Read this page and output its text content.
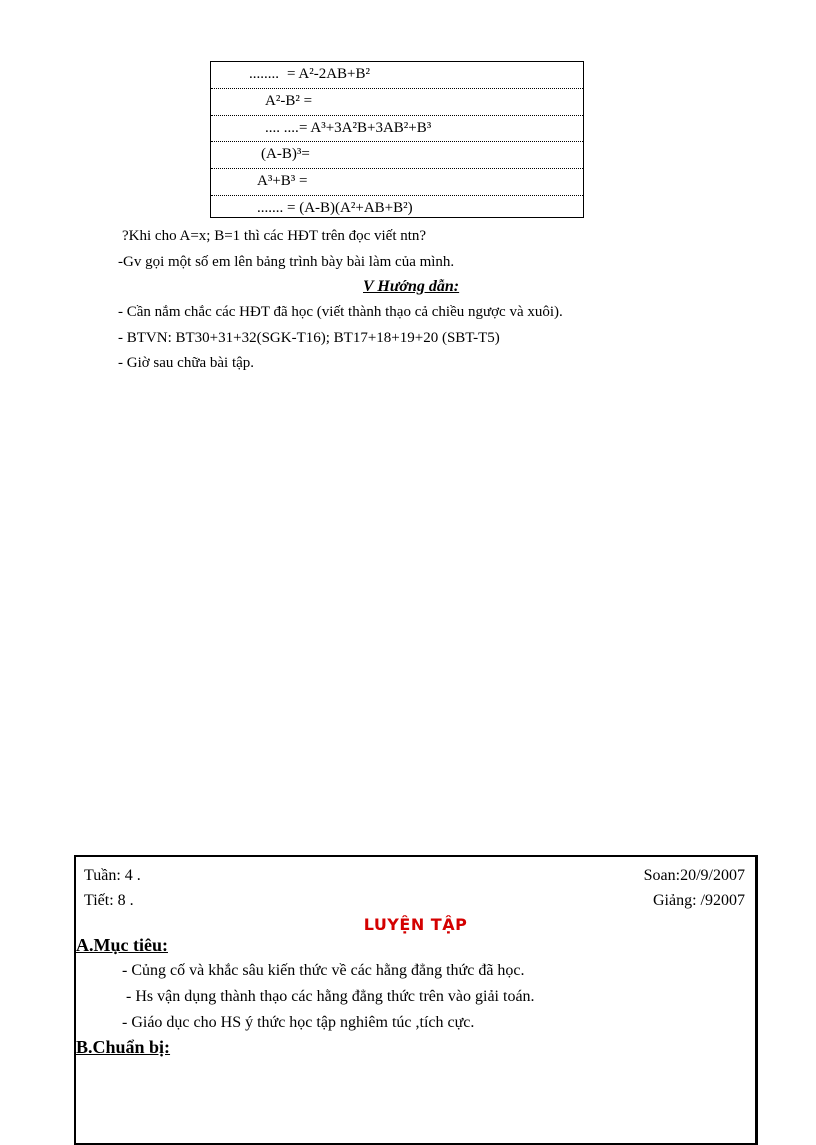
........ = A²-2AB+B²
A²-B² =
.... .... = A³+3A²B+3AB²+B³
(A-B)³=
A³+B³ =
....... = (A-B)(A²+AB+B²)
?Khi cho A=x; B=1 thì các HĐT trên đọc viết ntn?
-Gv gọi một số em lên bảng trình bày bài làm của mình.
V Hướng dẫn:
- Cần nắm chắc các HĐT đã học (viết thành thạo cả chiều ngược và xuôi).
- BTVN: BT30+31+32(SGK-T16); BT17+18+19+20 (SBT-T5)
- Giờ sau chữa bài tập.
Tuần: 4 .
Tiết: 8 .
Soan:20/9/2007
Giảng: /92007
LUYỆN TẬP
A.Mục tiêu:
- Củng cố và khắc sâu kiến thức về các hằng đẳng thức đã học.
- Hs vận dụng thành thạo các hằng đẳng thức trên vào giải toán.
- Giáo dục cho HS ý thức học tập nghiêm túc ,tích cực.
B.Chuẩn bị:
